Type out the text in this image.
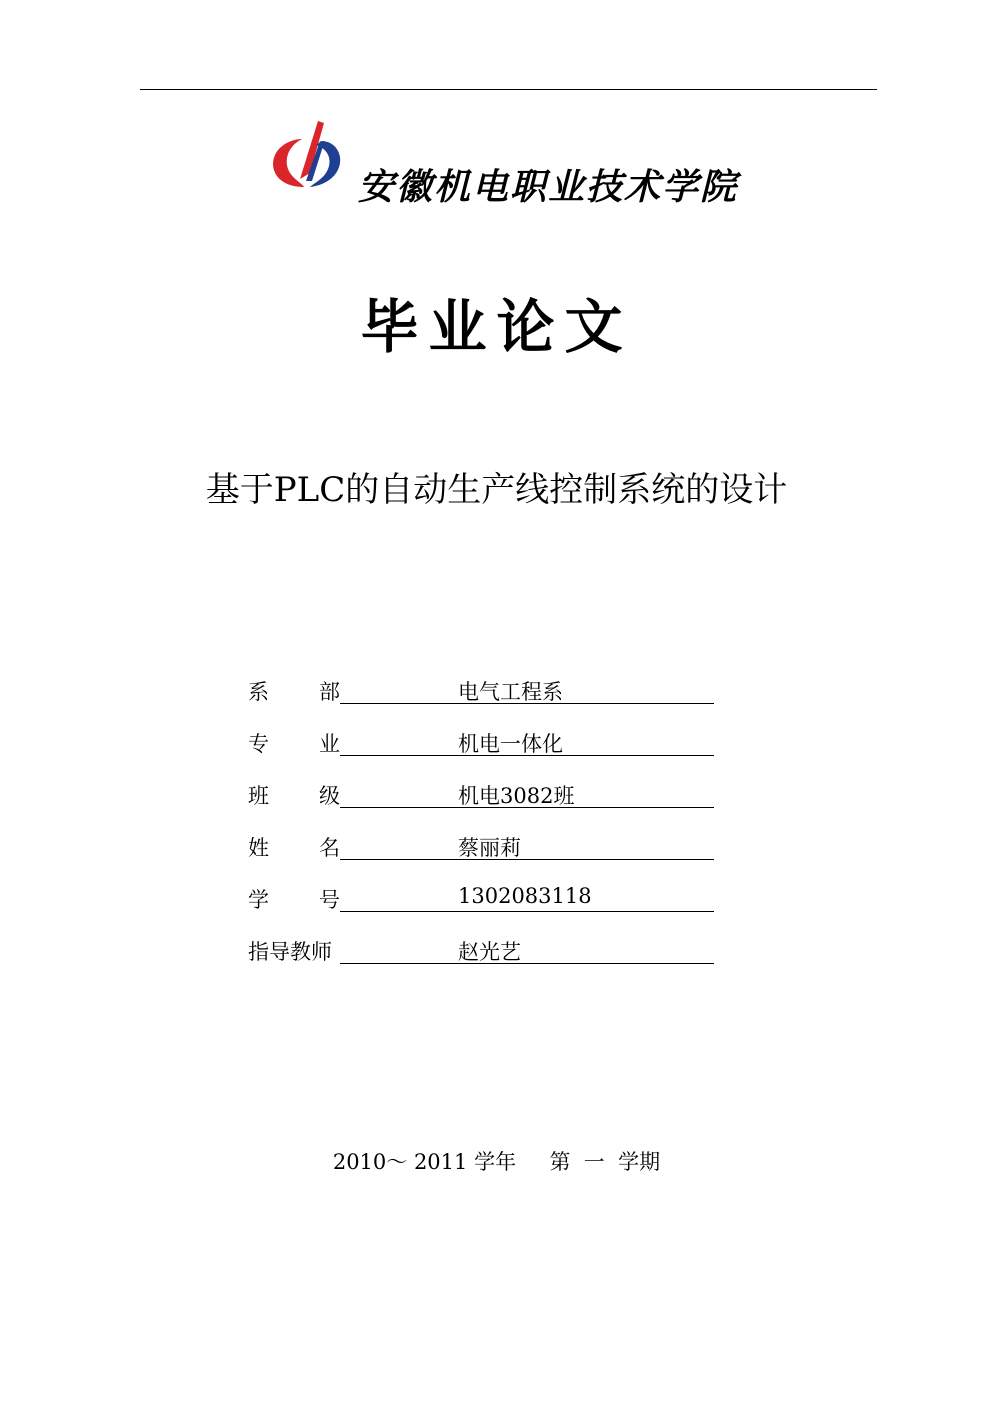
安徽机电职业技术学院
毕业论文
基于PLC的自动生产线控制系统的设计
系 部	电气工程系
专 业	机电一体化
班 级	机电3082班
姓 名	蔡丽莉
学 号	1302083118
指导教师	赵光艺
2010～ 2011 学年     第  一  学期
